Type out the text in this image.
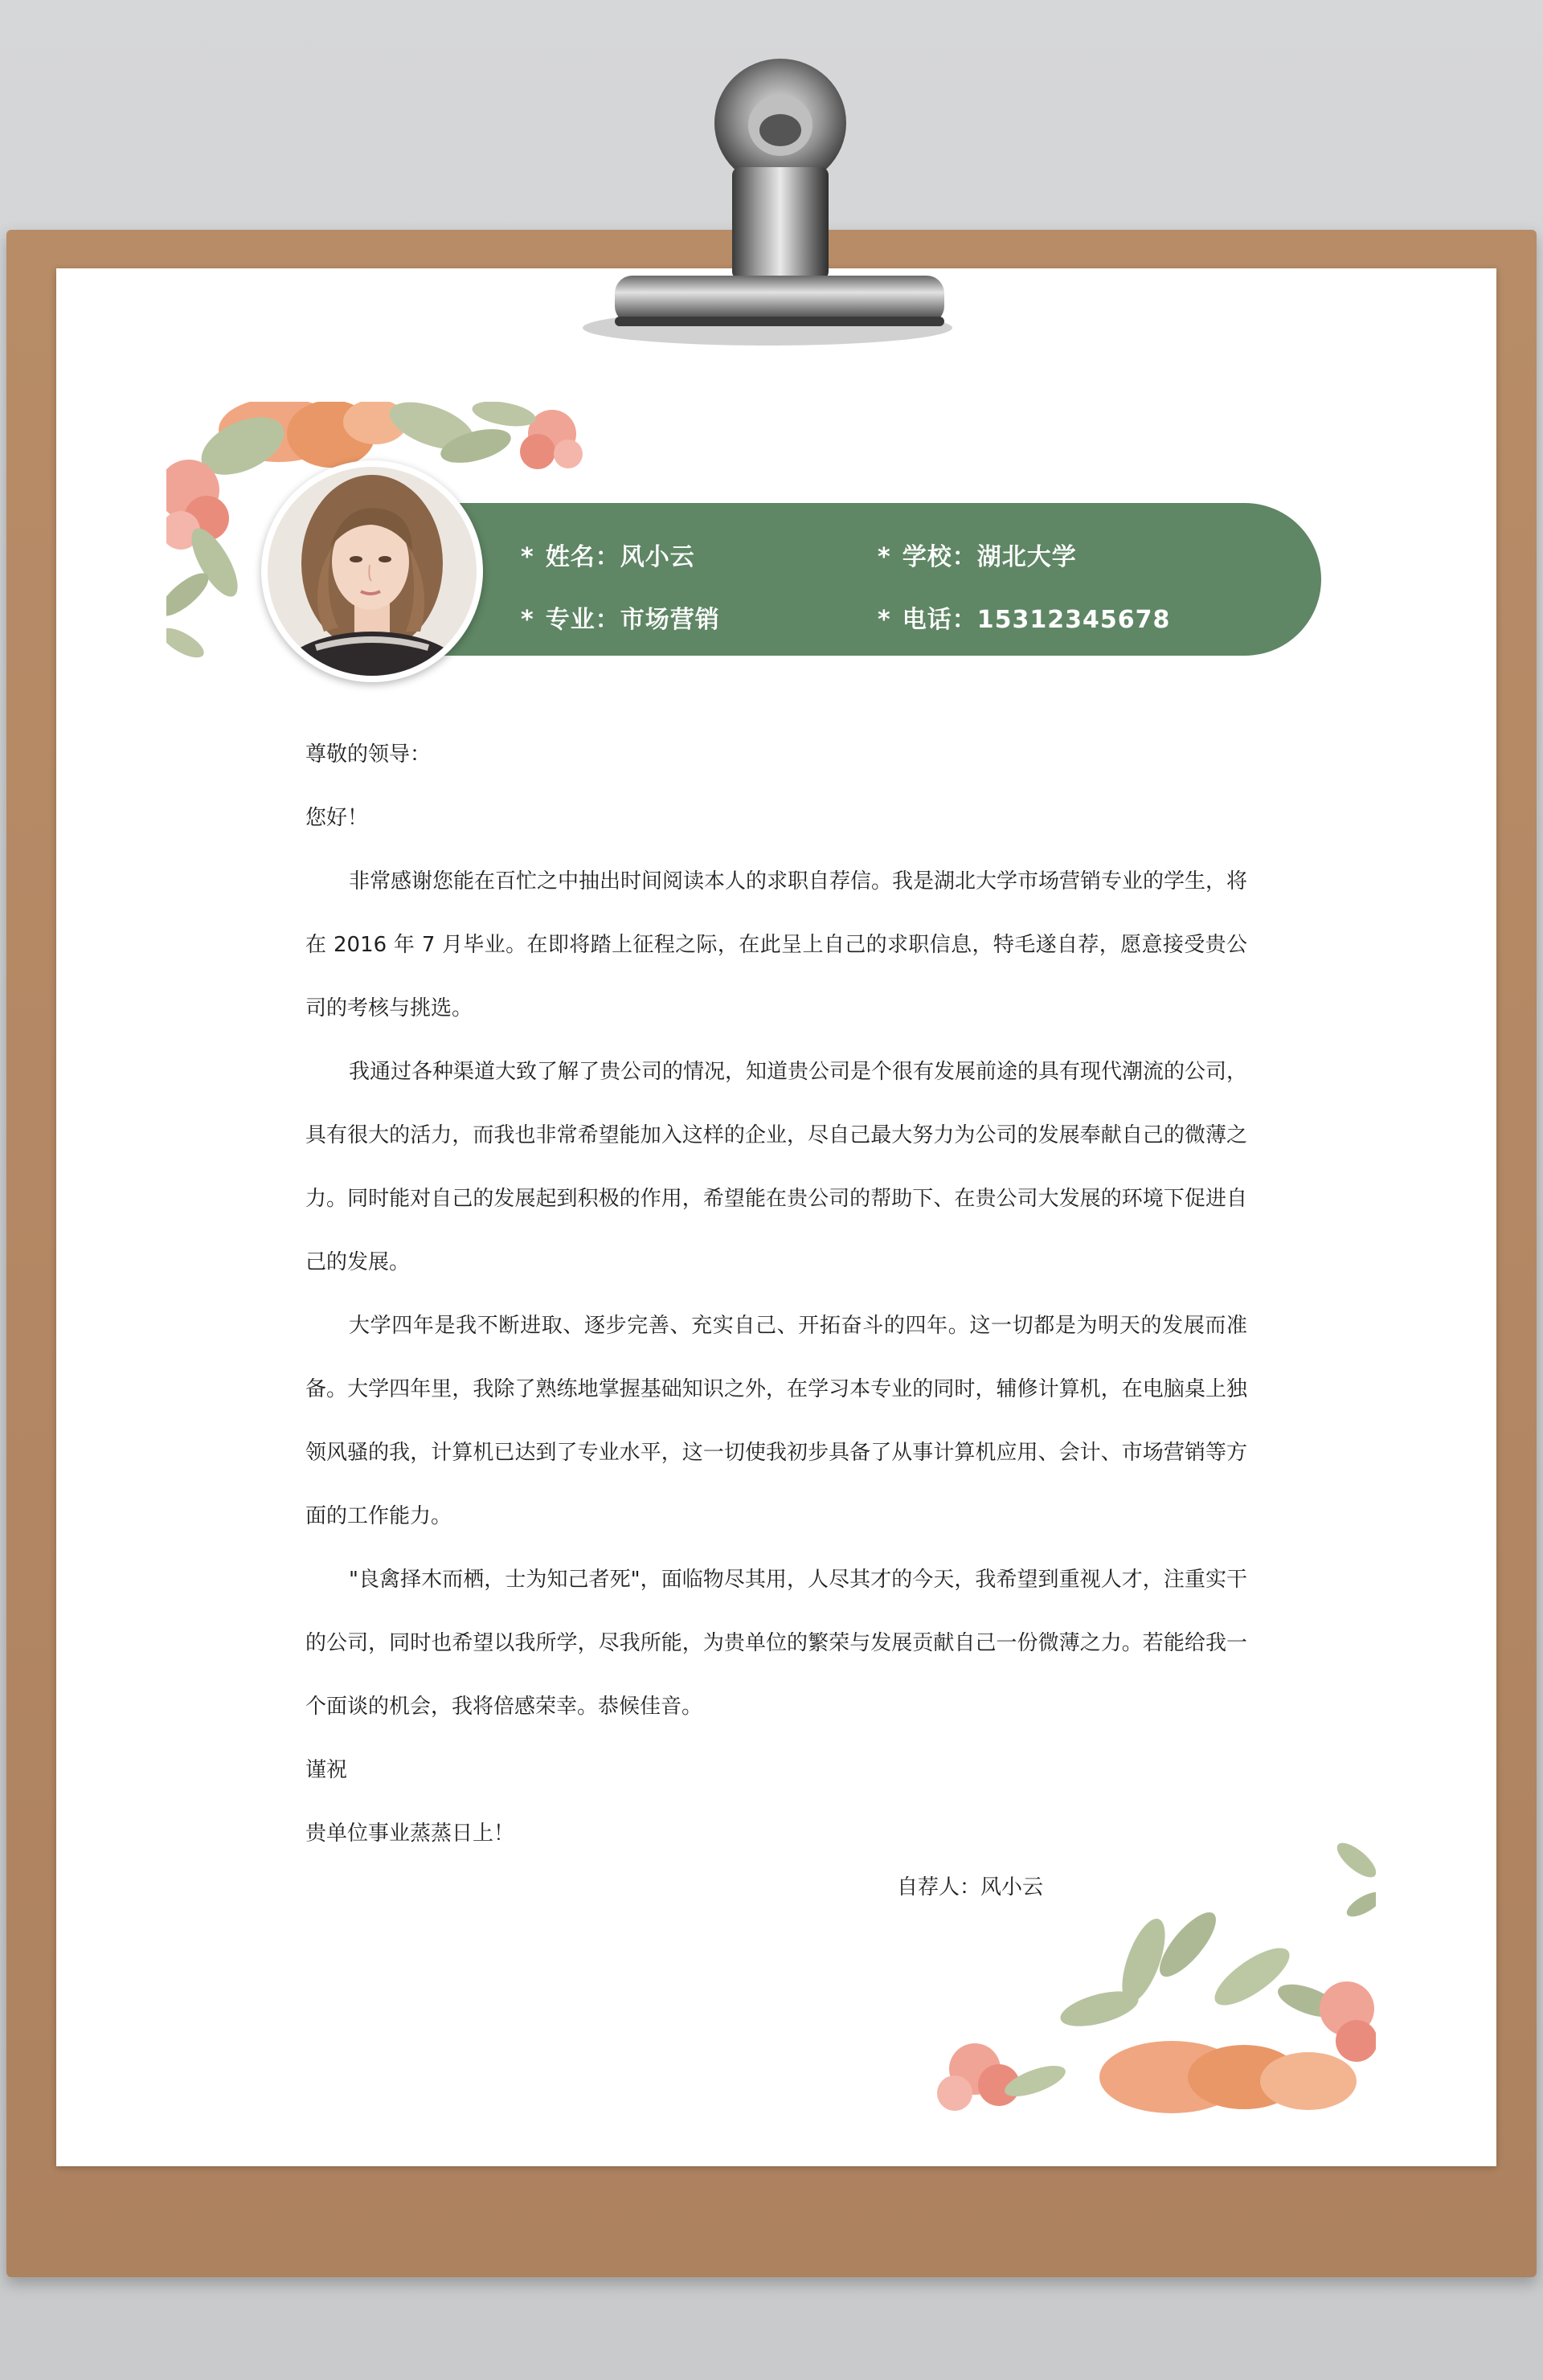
* 姓名：风小云	* 学校：湖北大学
* 专业：市场营销	* 电话：15312345678

尊敬的领导：

您好！

非常感谢您能在百忙之中抽出时间阅读本人的求职自荐信。我是湖北大学市场营销专业的学生，将在 2016 年 7 月毕业。在即将踏上征程之际，在此呈上自己的求职信息，特毛遂自荐，愿意接受贵公司的考核与挑选。

我通过各种渠道大致了解了贵公司的情况，知道贵公司是个很有发展前途的具有现代潮流的公司，具有很大的活力，而我也非常希望能加入这样的企业，尽自己最大努力为公司的发展奉献自己的微薄之力。同时能对自己的发展起到积极的作用，希望能在贵公司的帮助下、在贵公司大发展的环境下促进自己的发展。

大学四年是我不断进取、逐步完善、充实自己、开拓奋斗的四年。这一切都是为明天的发展而准备。大学四年里，我除了熟练地掌握基础知识之外，在学习本专业的同时，辅修计算机，在电脑桌上独领风骚的我，计算机已达到了专业水平，这一切使我初步具备了从事计算机应用、会计、市场营销等方面的工作能力。

"良禽择木而栖，士为知己者死"，面临物尽其用，人尽其才的今天，我希望到重视人才，注重实干的公司，同时也希望以我所学，尽我所能，为贵单位的繁荣与发展贡献自己一份微薄之力。若能给我一个面谈的机会，我将倍感荣幸。恭候佳音。

谨祝

贵单位事业蒸蒸日上！

自荐人：风小云
